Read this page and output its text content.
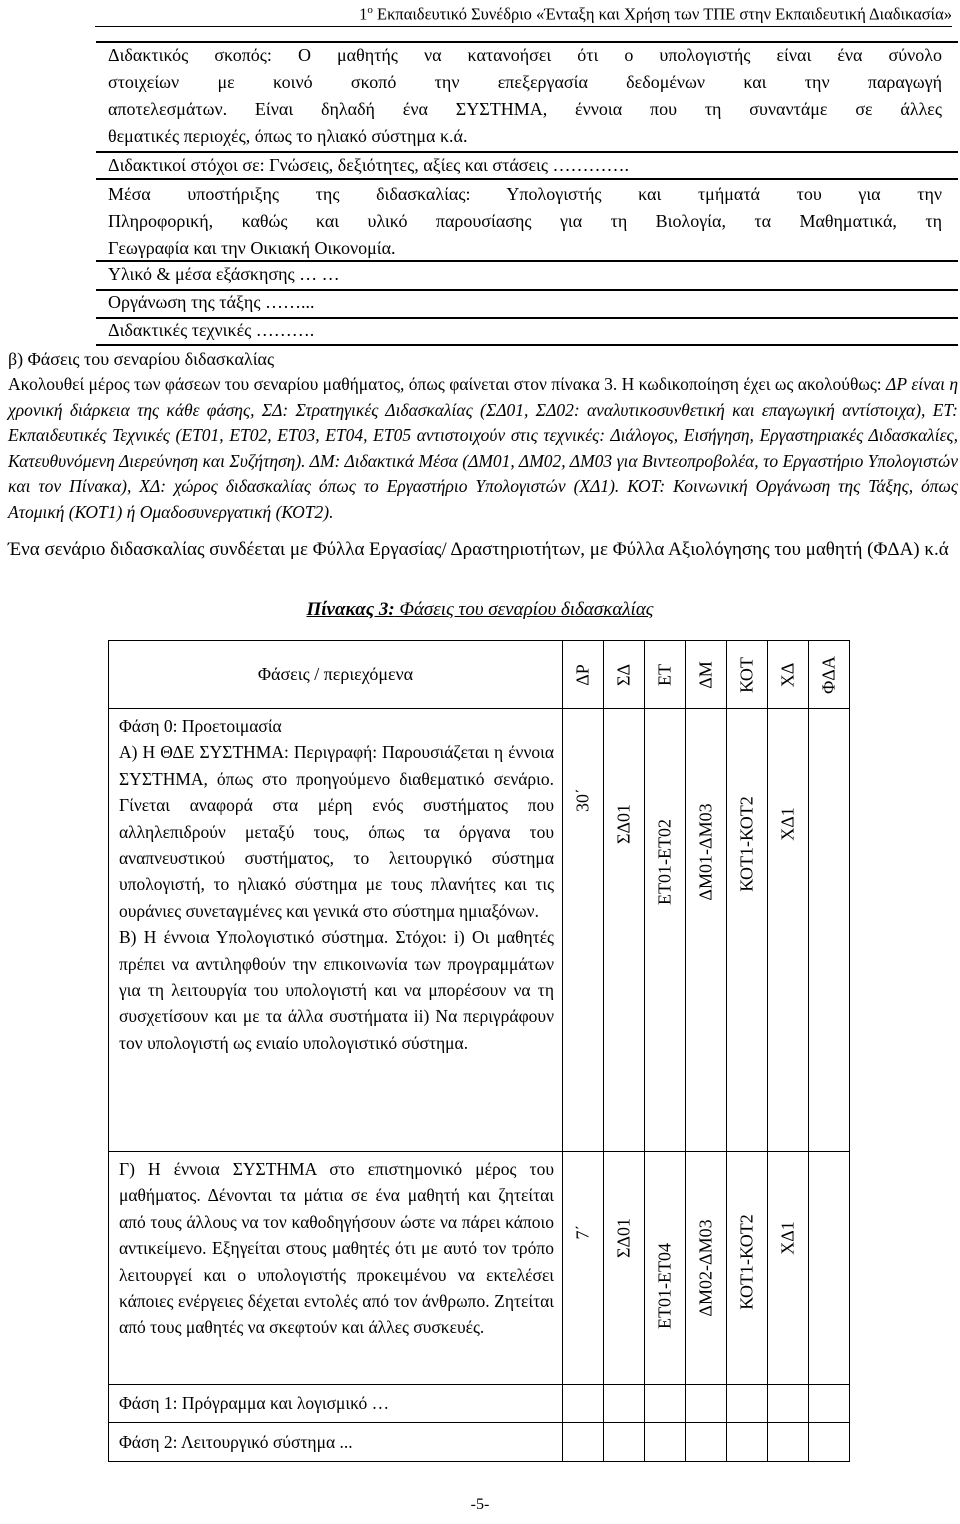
$1^o$ Εκπαιδευτικό Συνέδριο «Ένταξη και Χρήση των ΤΠΕ στην Εκπαιδευτική Διαδικασία»
Διδακτικός σκοπός: Ο μαθητής να κατανοήσει ότι ο υπολογιστής είναι ένα σύνολο
στοιχείων με κοινό σκοπό την επεξεργασία δεδομένων και την παραγωγή
αποτελεσμάτων. Είναι δηλαδή ένα ΣΥΣΤΗΜΑ, έννοια που τη συναντάμε σε άλλες
θεματικές περιοχές, όπως το ηλιακό σύστημα κ.ά.
Διδακτικοί στόχοι σε: Γνώσεις, δεξιότητες, αξίες και στάσεις ………….
Μέσα υποστήριξης της διδασκαλίας: Υπολογιστής και τμήματά του για την
Πληροφορική, καθώς και υλικό παρουσίασης για τη Βιολογία, τα Μαθηματικά, τη
Γεωγραφία και την Οικιακή Οικονομία.
Υλικό & μέσα εξάσκησης … …
Οργάνωση της τάξης ……...
Διδακτικές τεχνικές ……….
β) Φάσεις του σεναρίου διδασκαλίας
Ακολουθεί μέρος των φάσεων του σεναρίου μαθήματος, όπως φαίνεται στον πίνακα 3. Η κωδικοποίηση έχει ως ακολούθως: ΔΡ είναι η χρονική διάρκεια της κάθε φάσης, ΣΔ: Στρατηγικές Διδασκαλίας (ΣΔ01, ΣΔ02: αναλυτικοσυνθετική και επαγωγική αντίστοιχα), ΕΤ: Εκπαιδευτικές Τεχνικές (ΕΤ01, ΕΤ02, ΕΤ03, ΕΤ04, ΕΤ05 αντιστοιχούν στις τεχνικές: Διάλογος, Εισήγηση, Εργαστηριακές Διδασκαλίες, Κατευθυνόμενη Διερεύνηση και Συζήτηση). ΔΜ: Διδακτικά Μέσα (ΔΜ01, ΔΜ02, ΔΜ03 για Βιντεοπροβολέα, το Εργαστήριο Υπολογιστών και τον Πίνακα), ΧΔ: χώρος διδασκαλίας όπως το Εργαστήριο Υπολογιστών (ΧΔ1). ΚΟΤ: Κοινωνική Οργάνωση της Τάξης, όπως Ατομική (ΚΟΤ1) ή Ομαδοσυνεργατική (ΚΟΤ2).
Ένα σενάριο διδασκαλίας συνδέεται με Φύλλα Εργασίας/ Δραστηριοτήτων, με Φύλλα Αξιολόγησης του μαθητή (ΦΔΑ) κ.ά
Πίνακας 3: Φάσεις του σεναρίου διδασκαλίας
Φάσεις / περιεχόμενα	ΔΡ	ΣΔ	ΕΤ	ΔΜ	ΚΟΤ	ΧΔ	ΦΔΑ

Φάση 0: Προετοιμασία
Α) Η ΘΔΕ ΣΥΣΤΗΜΑ: Περιγραφή: Παρουσιάζεται η έννοια ΣΥΣΤΗΜΑ, όπως στο προηγούμενο διαθεματικό σενάριο. Γίνεται αναφορά στα μέρη ενός συστήματος που αλληλεπιδρούν μεταξύ τους, όπως τα όργανα του αναπνευστικού συστήματος, το λειτουργικό σύστημα υπολογιστή, το ηλιακό σύστημα με τους πλανήτες και τις ουράνιες συνεταγμένες και γενικά στο σύστημα ημιαξόνων.
Β) Η έννοια Υπολογιστικό σύστημα. Στόχοι: i) Οι μαθητές πρέπει να αντιληφθούν την επικοινωνία των προγραμμάτων για τη λειτουργία του υπολογιστή και να μπορέσουν να τη συσχετίσουν και με τα άλλα συστήματα ii) Να περιγράφουν τον υπολογιστή ως ενιαίο υπολογιστικό σύστημα.	30΄	ΣΔ01	ΕΤ01-ΕΤ02	ΔΜ01-ΔΜ03	ΚΟΤ1-ΚΟΤ2	ΧΔ1	

Γ) Η έννοια ΣΥΣΤΗΜΑ στο επιστημονικό μέρος του μαθήματος. Δένονται τα μάτια σε ένα μαθητή και ζητείται από τους άλλους να τον καθοδηγήσουν ώστε να πάρει κάποιο αντικείμενο. Εξηγείται στους μαθητές ότι με αυτό τον τρόπο λειτουργεί και ο υπολογιστής προκειμένου να εκτελέσει κάποιες ενέργειες δέχεται εντολές από τον άνθρωπο. Ζητείται από τους μαθητές να σκεφτούν και άλλες συσκευές.	7΄	ΣΔ01	ΕΤ01-ΕΤ04	ΔΜ02-ΔΜ03	ΚΟΤ1-ΚΟΤ2	ΧΔ1	

Φάση 1: Πρόγραμμα και λογισμικό …							

Φάση 2: Λειτουργικό σύστημα ...							

-5-
